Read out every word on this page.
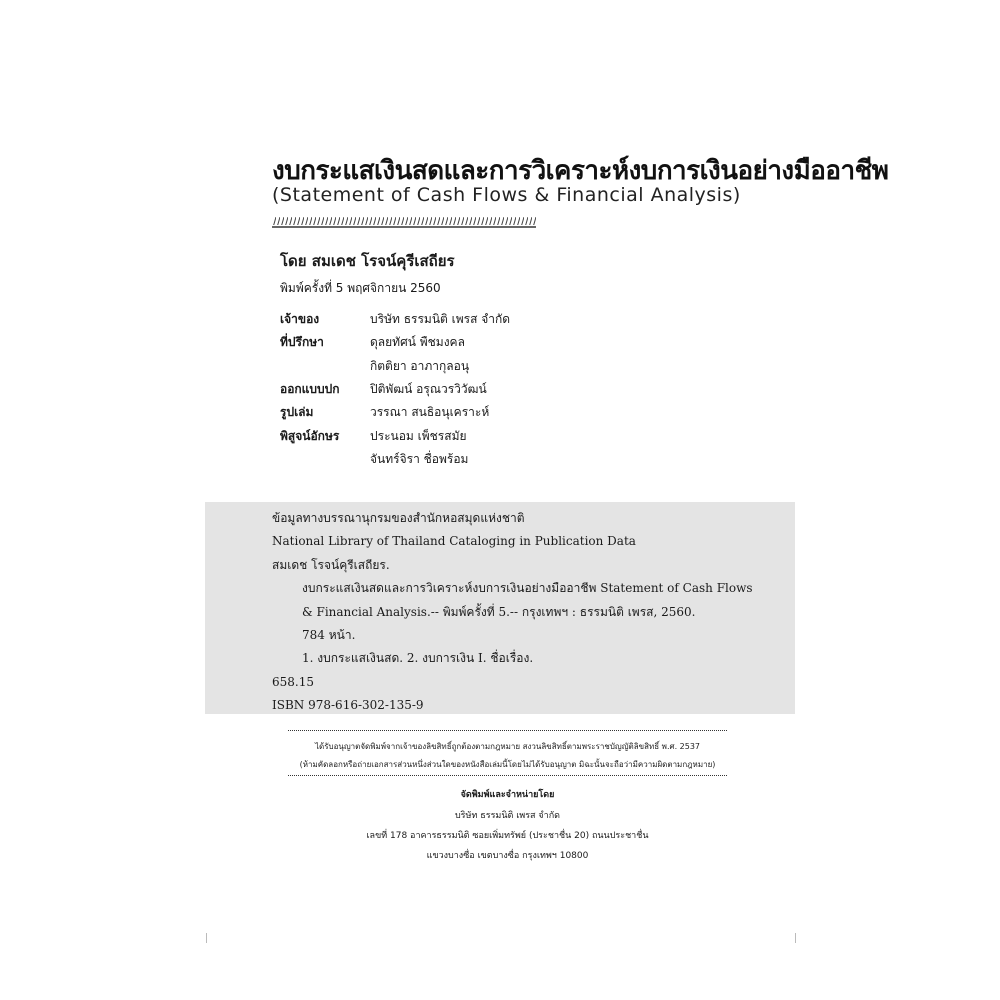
งบกระแสเงินสดและการวิเคราะห์งบการเงินอย่างมืออาชีพ
(Statement of Cash Flows & Financial Analysis)
โดย สมเดช โรจน์คุรีเสถียร
พิมพ์ครั้งที่ 5 พฤศจิกายน 2560
เจ้าของ	บริษัท ธรรมนิติ เพรส จำกัด
ที่ปรึกษา	ดุลยทัศน์ พืชมงคล
กิตติยา อาภากุลอนุ
ออกแบบปก	ปิติพัฒน์ อรุณวรวิวัฒน์
รูปเล่ม	วรรณา สนธิอนุเคราะห์
พิสูจน์อักษร	ประนอม เพ็ชรสมัย
จันทร์จิรา ชื่อพร้อม
ข้อมูลทางบรรณานุกรมของสำนักหอสมุดแห่งชาติ
National Library of Thailand Cataloging in Publication Data
สมเดช โรจน์คุรีเสถียร.
งบกระแสเงินสดและการวิเคราะห์งบการเงินอย่างมืออาชีพ Statement of Cash Flows
& Financial Analysis.-- พิมพ์ครั้งที่ 5.-- กรุงเทพฯ : ธรรมนิติ เพรส, 2560.
784 หน้า.
1. งบกระแสเงินสด. 2. งบการเงิน I. ชื่อเรื่อง.
658.15
ISBN 978-616-302-135-9
ได้รับอนุญาตจัดพิมพ์จากเจ้าของลิขสิทธิ์ถูกต้องตามกฎหมาย สงวนลิขสิทธิ์ตามพระราชบัญญัติลิขสิทธิ์ พ.ศ. 2537
(ห้ามคัดลอกหรือถ่ายเอกสารส่วนหนึ่งส่วนใดของหนังสือเล่มนี้โดยไม่ได้รับอนุญาต มิฉะนั้นจะถือว่ามีความผิดตามกฎหมาย)
จัดพิมพ์และจำหน่ายโดย
บริษัท ธรรมนิติ เพรส จำกัด
เลขที่ 178 อาคารธรรมนิติ ซอยเพิ่มทรัพย์ (ประชาชื่น 20) ถนนประชาชื่น
แขวงบางซื่อ เขตบางซื่อ กรุงเทพฯ 10800
